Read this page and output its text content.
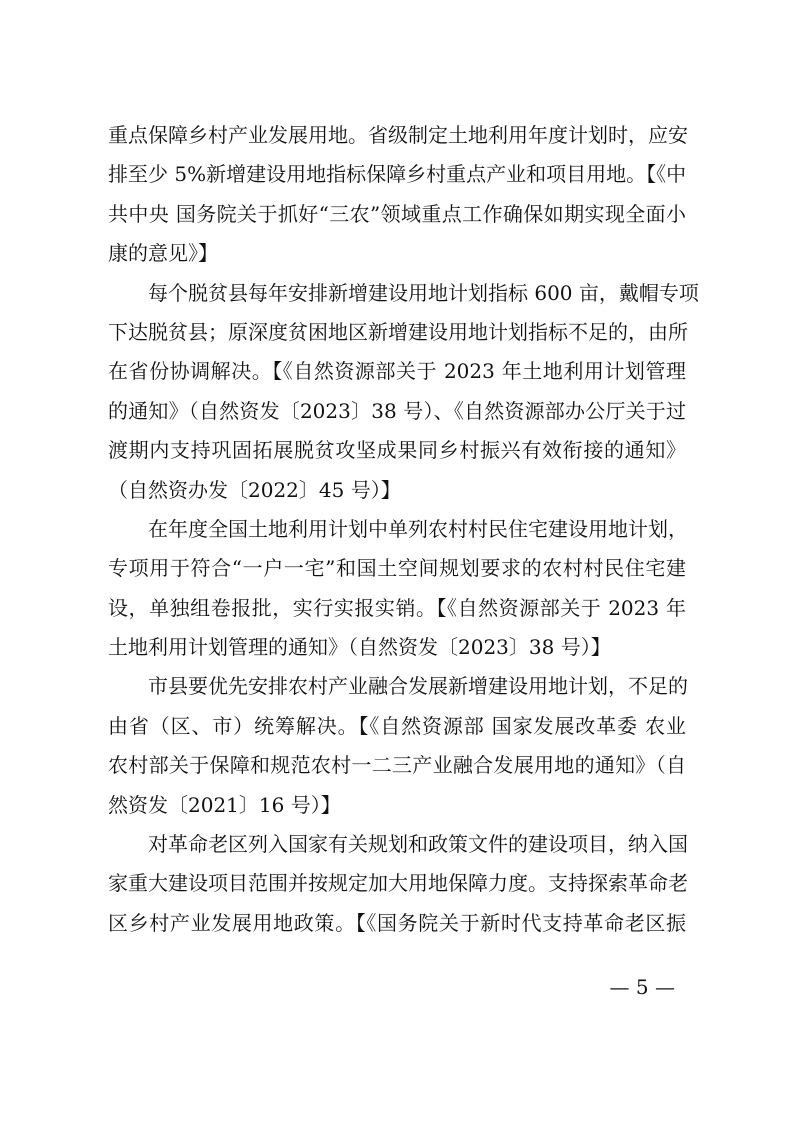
重点保障乡村产业发展用地。省级制定土地利用年度计划时，应安
排至少 5%新增建设用地指标保障乡村重点产业和项目用地。【《中
共中央 国务院关于抓好“三农”领域重点工作确保如期实现全面小
康的意见》】
每个脱贫县每年安排新增建设用地计划指标 600 亩，戴帽专项
下达脱贫县；原深度贫困地区新增建设用地计划指标不足的，由所
在省份协调解决。【《自然资源部关于 2023 年土地利用计划管理
的通知》（自然资发〔2023〕38 号）、《自然资源部办公厅关于过
渡期内支持巩固拓展脱贫攻坚成果同乡村振兴有效衔接的通知》
（自然资办发〔2022〕45 号）】
在年度全国土地利用计划中单列农村村民住宅建设用地计划，
专项用于符合“一户一宅”和国土空间规划要求的农村村民住宅建
设，单独组卷报批，实行实报实销。【《自然资源部关于 2023 年
土地利用计划管理的通知》（自然资发〔2023〕38 号）】
市县要优先安排农村产业融合发展新增建设用地计划，不足的
由省（区、市）统筹解决。【《自然资源部 国家发展改革委 农业
农村部关于保障和规范农村一二三产业融合发展用地的通知》（自
然资发〔2021〕16 号）】
对革命老区列入国家有关规划和政策文件的建设项目，纳入国
家重大建设项目范围并按规定加大用地保障力度。支持探索革命老
区乡村产业发展用地政策。【《国务院关于新时代支持革命老区振
— 5 —
